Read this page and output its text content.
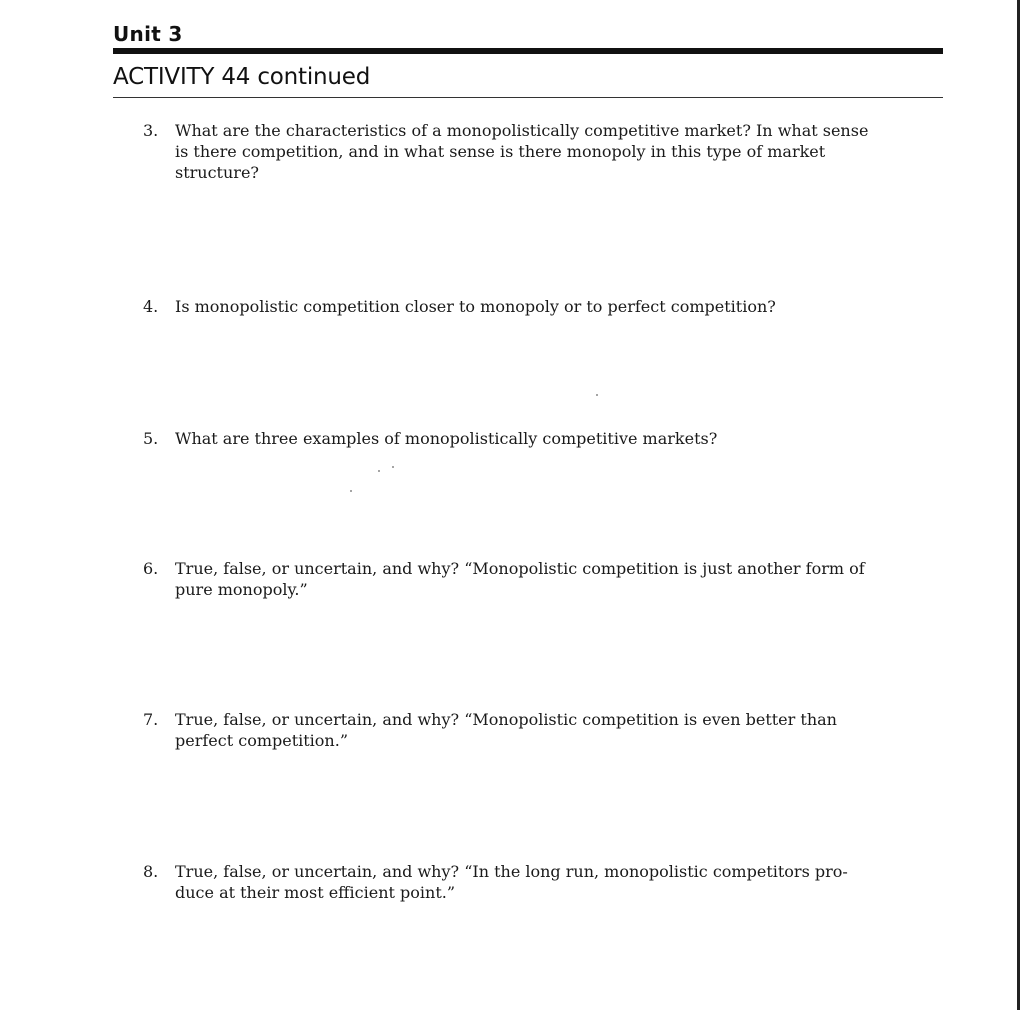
Unit 3
ACTIVITY 44 continued
3.	What are the characteristics of a monopolistically competitive market? In what sense is there competition, and in what sense is there monopoly in this type of market structure?
4.	Is monopolistic competition closer to monopoly or to perfect competition?
5.	What are three examples of monopolistically competitive markets?
6.	True, false, or uncertain, and why? “Monopolistic competition is just another form of pure monopoly.”
7.	True, false, or uncertain, and why? “Monopolistic competition is even better than perfect competition.”
8.	True, false, or uncertain, and why? “In the long run, monopolistic competitors pro-duce at their most efficient point.”
